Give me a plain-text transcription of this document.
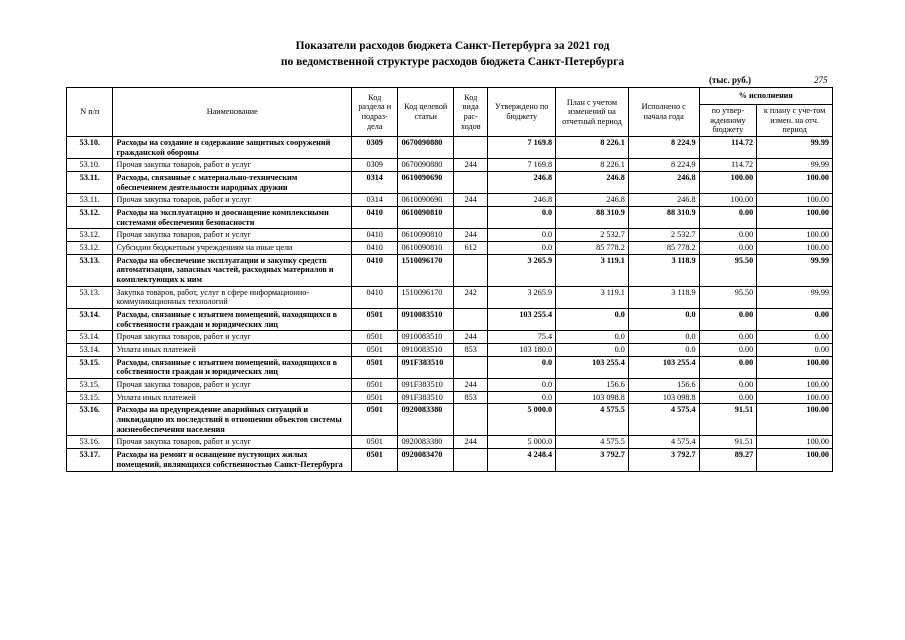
Показатели расходов бюджета Санкт-Петербурга за 2021 год
по ведомственной структуре расходов бюджета Санкт-Петербурга
(тыс. руб.)	275
N п/п	Наименование	Код раздела и подраз-дела	Код целевой статьи	Код вида рас-ходов	Утверждено по бюджету	План с учетом изменений на отчетный период	Исполнено с начала года	% исполнения	
								по утвер-жденному бюджету	к плану с уче-том измен. на отч. период
53.10.	Расходы на создание и содержание защитных сооружений гражданской обороны	0309	0670090880		7 169.8	8 226.1	8 224.9	114.72	99.99
53.10.	Прочая закупка товаров, работ и услуг	0309	0670090880	244	7 169.8	8 226.1	8 224.9	114.72	99.99
53.11.	Расходы, связанные с материально-техническим обеспечением деятельности народных дружин	0314	0610090690		246.8	246.8	246.8	100.00	100.00
53.11.	Прочая закупка товаров, работ и услуг	0314	0610090690	244	246.8	246.8	246.8	100.00	100.00
53.12.	Расходы на эксплуатацию и дооснащение комплексными системами обеспечения безопасности	0410	0610090810		0.0	88 310.9	88 310.9	0.00	100.00
53.12.	Прочая закупка товаров, работ и услуг	0410	0610090810	244	0.0	2 532.7	2 532.7	0.00	100.00
53.12.	Субсидии бюджетным учреждениям на иные цели	0410	0610090810	612	0.0	85 778.2	85 778.2	0.00	100.00
53.13.	Расходы на обеспечение эксплуатации и закупку средств автоматизации, запасных частей, расходных материалов и комплектующих к ним	0410	1510096170		3 265.9	3 119.1	3 118.9	95.50	99.99
53.13.	Закупка товаров, работ, услуг в сфере информационно-коммуникационных технологий	0410	1510096170	242	3 265.9	3 119.1	3 118.9	95.50	99.99
53.14.	Расходы, связанные с изъятием помещений, находящихся в собственности граждан и юридических лиц	0501	0910083510		103 255.4	0.0	0.0	0.00	0.00
53.14.	Прочая закупка товаров, работ и услуг	0501	0910083510	244	75.4	0.0	0.0	0.00	0.00
53.14.	Уплата иных платежей	0501	0910083510	853	103 180.0	0.0	0.0	0.00	0.00
53.15.	Расходы, связанные с изъятием помещений, находящихся в собственности граждан и юридических лиц	0501	091F383510		0.0	103 255.4	103 255.4	0.00	100.00
53.15.	Прочая закупка товаров, работ и услуг	0501	091F383510	244	0.0	156.6	156.6	0.00	100.00
53.15.	Уплата иных платежей	0501	091F383510	853	0.0	103 098.8	103 098.8	0.00	100.00
53.16.	Расходы на предупреждение аварийных ситуаций и ликвидацию их последствий в отношении объектов системы жизнеобеспечения населения	0501	0920083380		5 000.0	4 575.5	4 575.4	91.51	100.00
53.16.	Прочая закупка товаров, работ и услуг	0501	0920083380	244	5 000.0	4 575.5	4 575.4	91.51	100.00
53.17.	Расходы на ремонт и оснащение пустующих жилых помещений, являющихся собственностью Санкт-Петербурга	0501	0920083470		4 248.4	3 792.7	3 792.7	89.27	100.00
